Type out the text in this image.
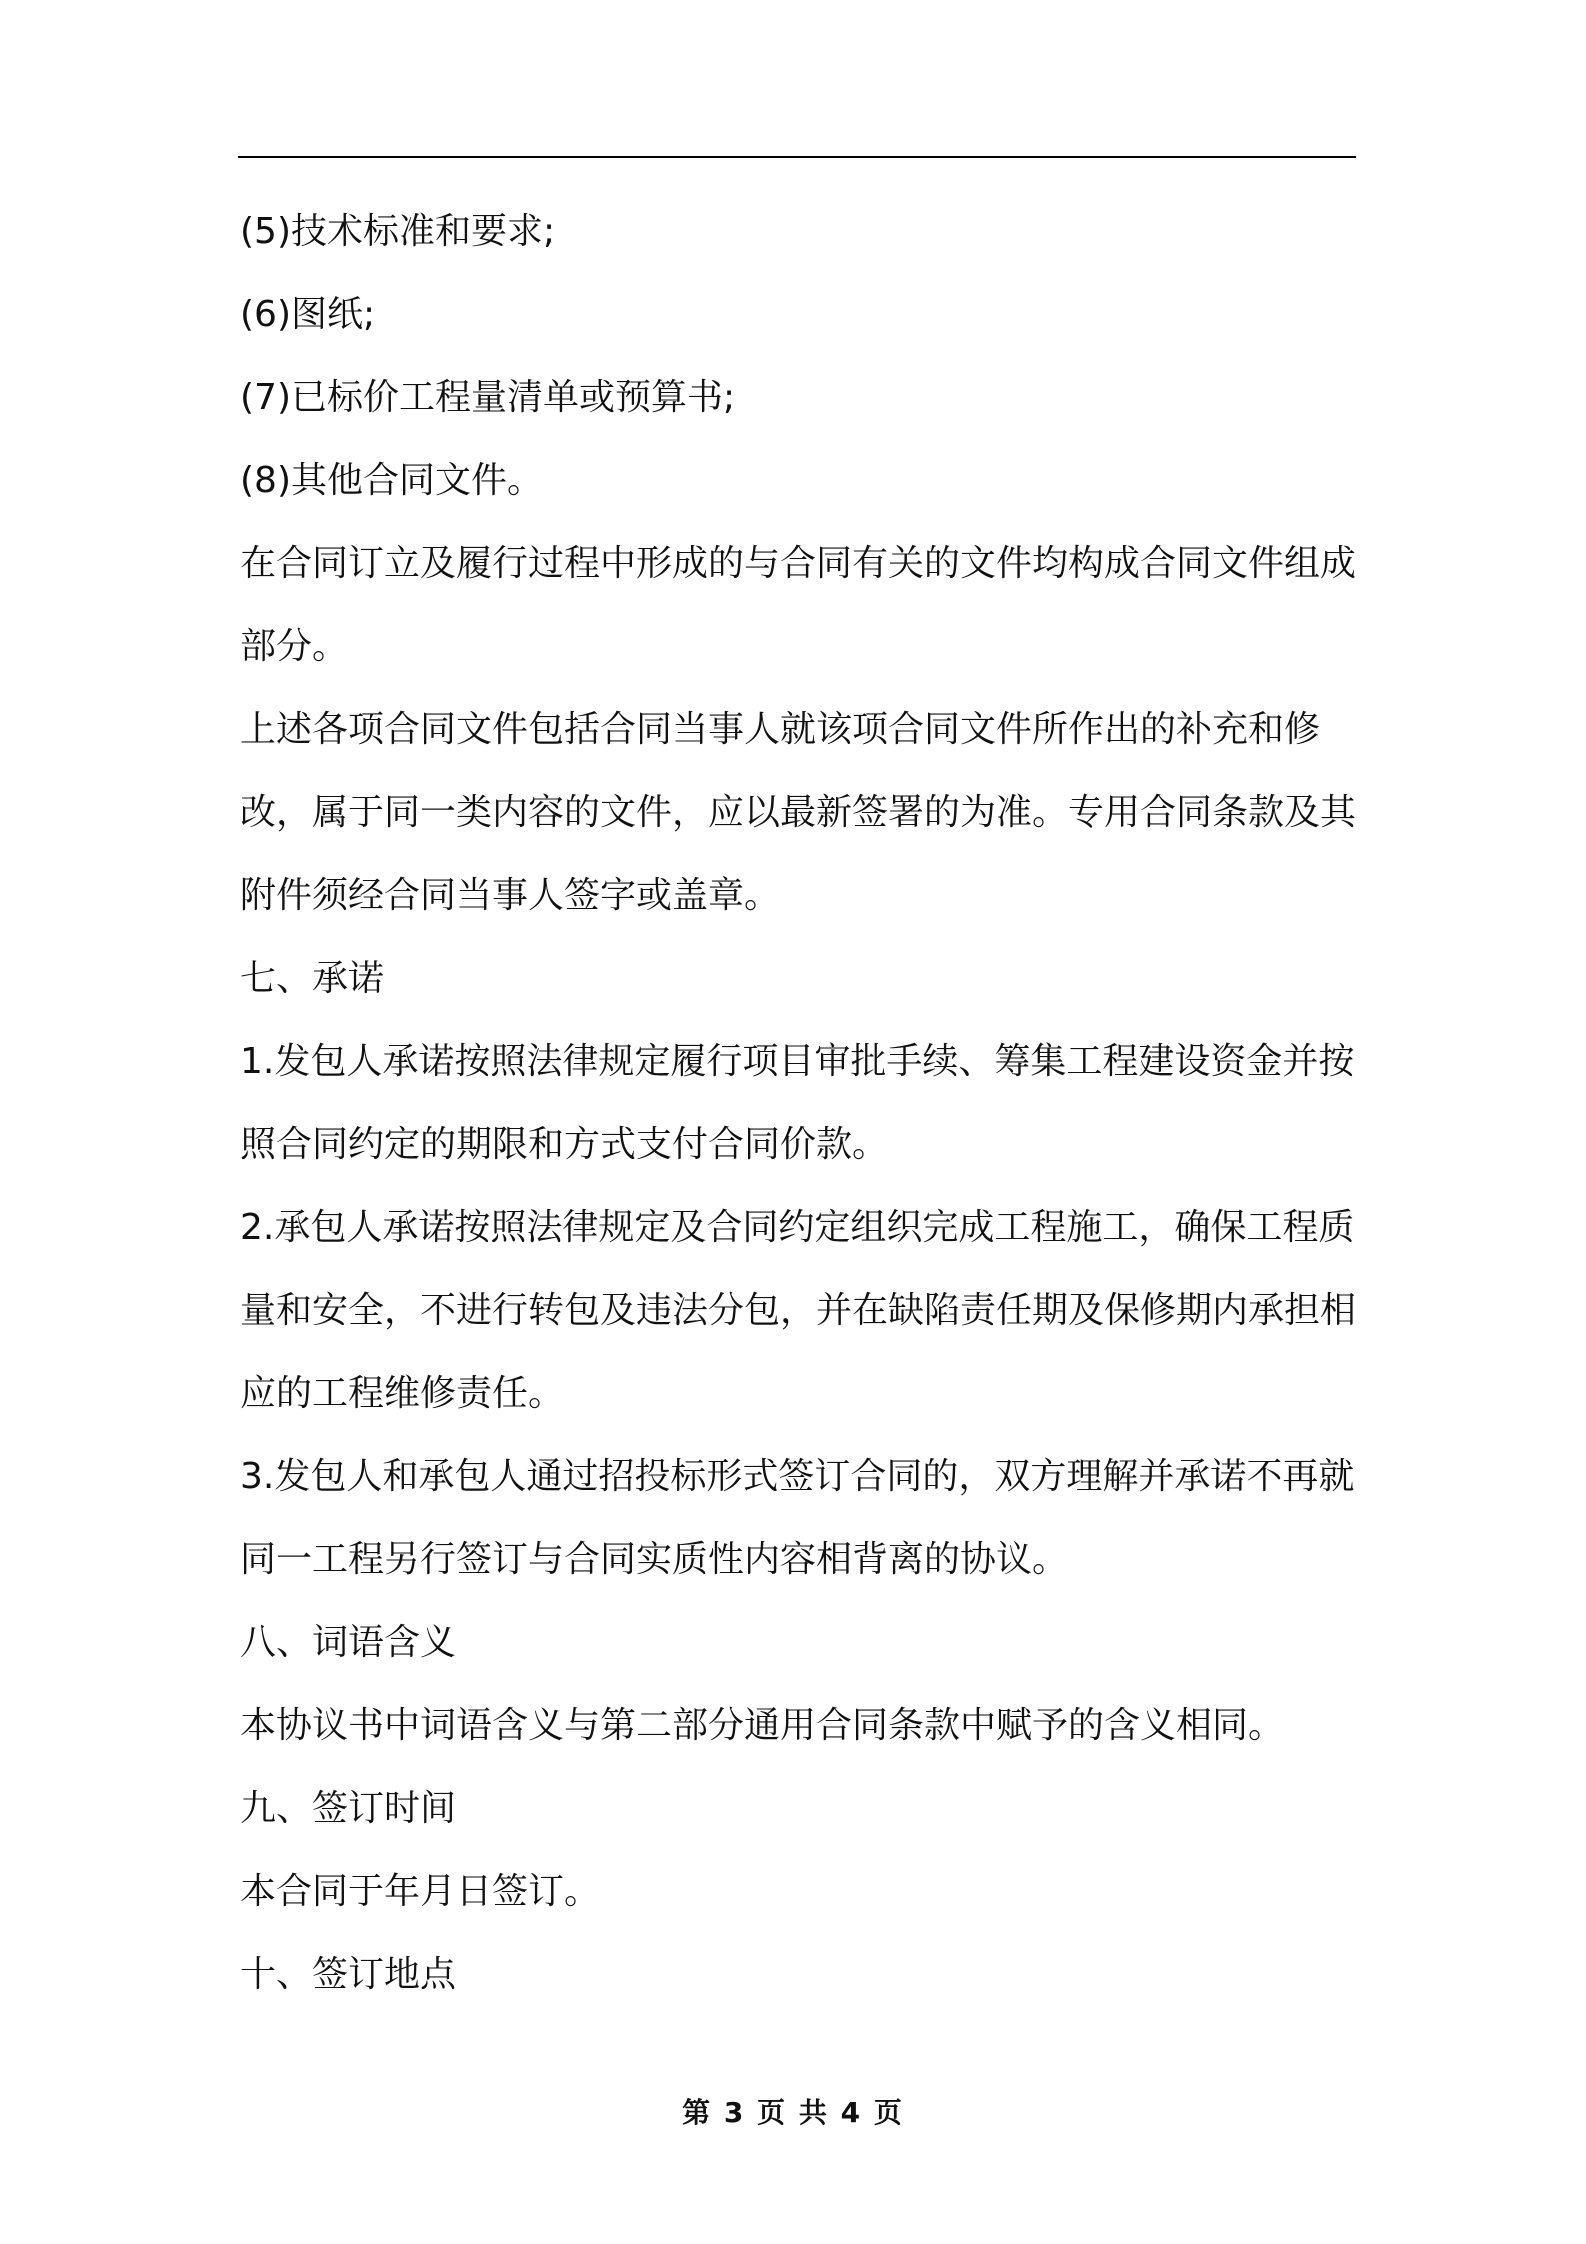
(5)技术标准和要求;

(6)图纸;

(7)已标价工程量清单或预算书;

(8)其他合同文件。

在合同订立及履行过程中形成的与合同有关的文件均构成合同文件组成部分。

上述各项合同文件包括合同当事人就该项合同文件所作出的补充和修改，属于同一类内容的文件，应以最新签署的为准。专用合同条款及其附件须经合同当事人签字或盖章。

七、承诺

1.发包人承诺按照法律规定履行项目审批手续、筹集工程建设资金并按照合同约定的期限和方式支付合同价款。

2.承包人承诺按照法律规定及合同约定组织完成工程施工，确保工程质量和安全，不进行转包及违法分包，并在缺陷责任期及保修期内承担相应的工程维修责任。

3.发包人和承包人通过招投标形式签订合同的，双方理解并承诺不再就同一工程另行签订与合同实质性内容相背离的协议。

八、词语含义

本协议书中词语含义与第二部分通用合同条款中赋予的含义相同。

九、签订时间

本合同于年月日签订。

十、签订地点

第 3 页 共 4 页
